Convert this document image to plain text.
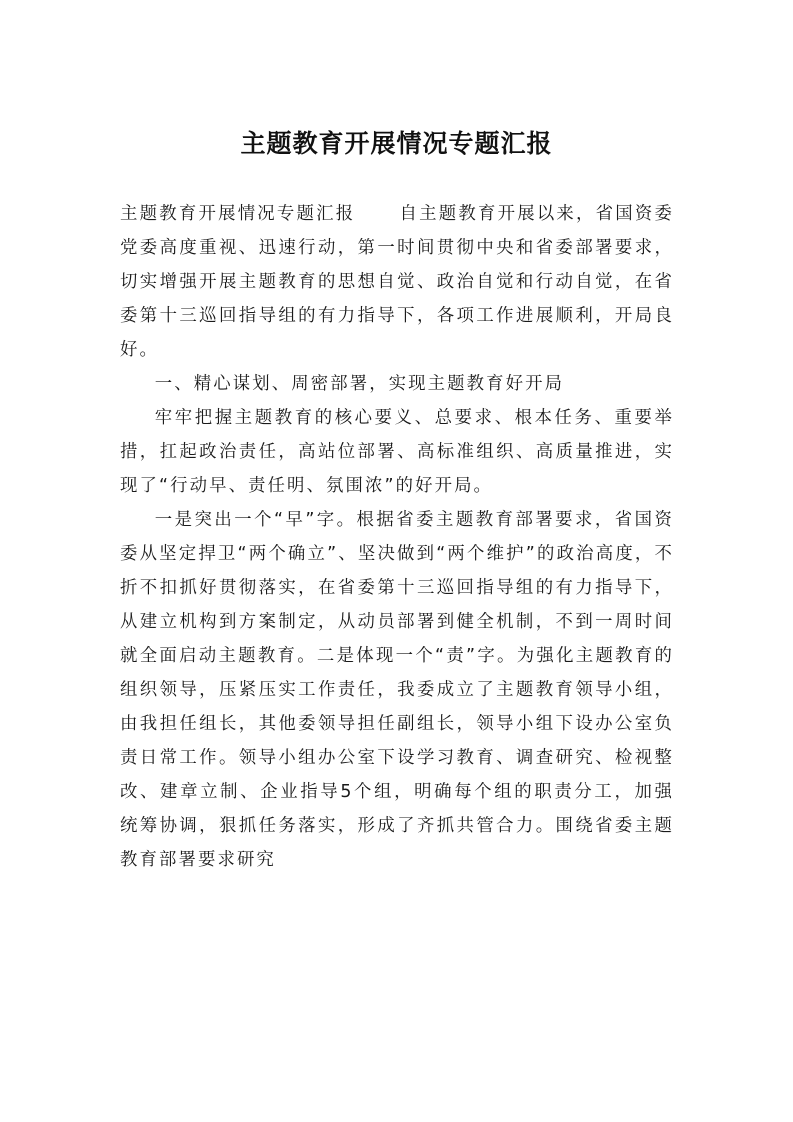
主题教育开展情况专题汇报

主题教育开展情况专题汇报	自主题教育开展以来，省国资委党委高度重视、迅速行动，第一时间贯彻中央和省委部署要求，切实增强开展主题教育的思想自觉、政治自觉和行动自觉，在省委第十三巡回指导组的有力指导下，各项工作进展顺利，开局良好。

一、精心谋划、周密部署，实现主题教育好开局

牢牢把握主题教育的核心要义、总要求、根本任务、重要举措，扛起政治责任，高站位部署、高标准组织、高质量推进，实现了“行动早、责任明、氛围浓”的好开局。

一是突出一个“早”字。根据省委主题教育部署要求，省国资委从坚定捍卫“两个确立”、坚决做到“两个维护”的政治高度，不折不扣抓好贯彻落实，在省委第十三巡回指导组的有力指导下，从建立机构到方案制定，从动员部署到健全机制，不到一周时间就全面启动主题教育。二是体现一个“责”字。为强化主题教育的组织领导，压紧压实工作责任，我委成立了主题教育领导小组，由我担任组长，其他委领导担任副组长，领导小组下设办公室负责日常工作。领导小组办公室下设学习教育、调查研究、检视整改、建章立制、企业指导5个组，明确每个组的职责分工，加强统筹协调，狠抓任务落实，形成了齐抓共管合力。围绕省委主题教育部署要求研究
